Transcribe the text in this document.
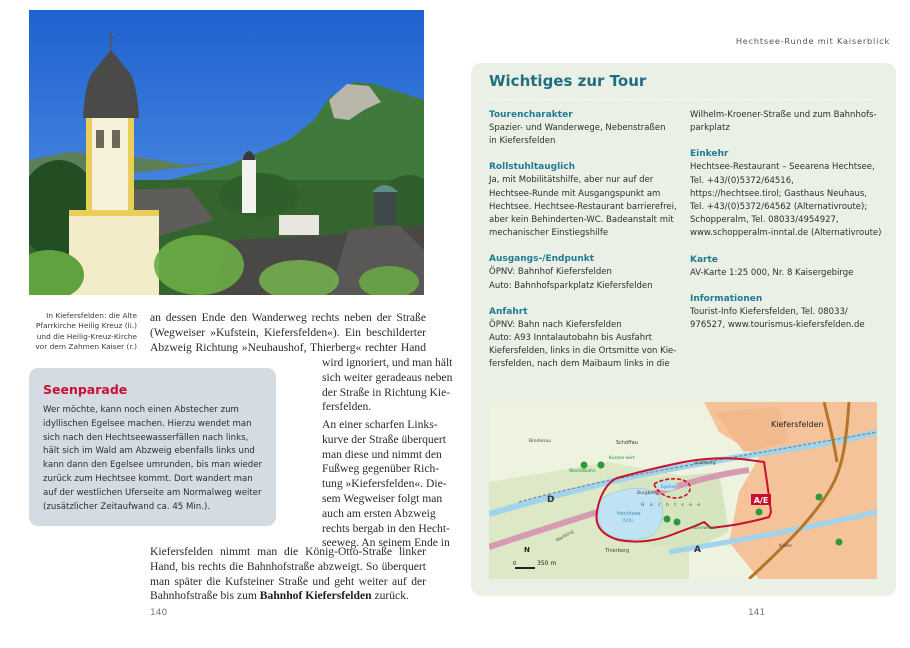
In Kiefersfelden: die Alte Pfarrkirche Heilig Kreuz (li.) und die Heilig-Kreuz-Kirche vor dem Zahmen Kaiser (r.)
an dessen Ende den Wanderweg rechts neben der Straße
(Wegweiser »Kufstein, Kiefersfelden«). Ein beschilderter
Abzweig Richtung »Neuhaushof, Thierberg« rechter Hand
wird ignoriert, und man hält
sich weiter geradeaus neben
der Straße in Richtung Kie-
fersfelden.
An einer scharfen Links-
kurve der Straße überquert
man diese und nimmt den
Fußweg gegenüber Rich-
tung »Kiefersfelden«. Die-
sem Wegweiser folgt man
auch am ersten Abzweig
rechts bergab in den Hecht-
seeweg. An seinem Ende in
Kiefersfelden nimmt man die König-Otto-Straße linker
Hand, bis rechts die Bahnhofstraße abzweigt. So überquert
man später die Kufsteiner Straße und geht weiter auf der
Bahnhofstraße bis zum Bahnhof Kiefersfelden zurück.
Seenparade
Wer möchte, kann noch einen Abstecher zum idyllischen Egelsee machen. Hierzu wendet man sich nach den Hechtseewasserfällen nach links, hält sich im Wald am Abzweig ebenfalls links und kann dann den Egelsee umrunden, bis man wieder zurück zum Hechtsee kommt. Dort wandert man auf der westlichen Uferseite am Normalweg weiter (zusätzlicher Zeitaufwand ca. 45 Min.).
140
Hechtsee-Runde mit Kaiserblick
Wichtiges zur Tour
Tourencharakter

Spazier- und Wanderwege, Nebenstraßen
in Kiefersfelden

Rollstuhltauglich

Ja, mit Mobilitätshilfe, aber nur auf der
Hechtsee-Runde mit Ausgangspunkt am
Hechtsee. Hechtsee-Restaurant barrierefrei,
aber kein Behinderten-WC. Badeanstalt mit
mechanischer Einstiegshilfe

Ausgangs-/Endpunkt

ÖPNV: Bahnhof Kiefersfelden
Auto: Bahnhofsparkplatz Kiefersfelden

Anfahrt

ÖPNV: Bahn nach Kiefersfelden
Auto: A93 Inntalautobahn bis Ausfahrt
Kiefersfelden, links in die Ortsmitte von Kie-
fersfelden, nach dem Maibaum links in die

Wilhelm-Kroener-Straße und zum Bahnhofs-
parkplatz

Einkehr

Hechtsee-Restaurant – Seearena Hechtsee,
Tel. +43/(0)5372/64516,
https://hechtsee.tirol; Gasthaus Neuhaus,
Tel. +43/(0)5372/64562 (Alternativroute);
Schopperalm, Tel. 08033/4954927,
www.schopperalm-inntal.de (Alternativroute)

Karte

AV-Karte 1:25 000, Nr. 8 Kaisergebirge

Informationen

Tourist-Info Kiefersfelden, Tel. 08033/
976527, www.tourismus-kiefersfelden.de

A/E
Kiefersfelden
Hechtsee
(544)
Egelsee
Burgberg
H a c h t s e e
Thierberg
Marbling
Schöffau
Breitenau
Wachtlbahn
Kurzen-wirt
Buchberg
Sonnwend
Kiefer
D
A
N
0	350 m
141
